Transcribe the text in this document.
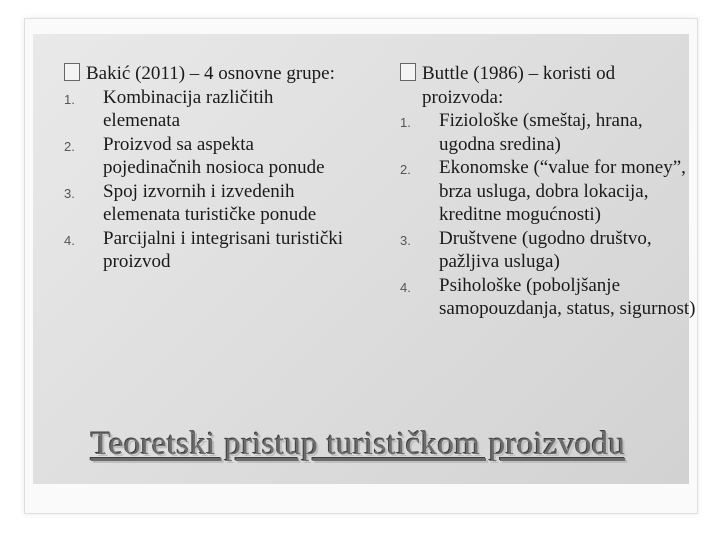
Bakić (2011) – 4 osnovne grupe:
1. Kombinacija različitih elemenata
2. Proizvod sa aspekta pojedinačnih nosioca ponude
3. Spoj izvornih i izvedenih elemenata turističke ponude
4. Parcijalni i integrisani turistički proizvod
Buttle (1986) – koristi od proizvoda:
1. Fiziološke (smeštaj, hrana, ugodna sredina)
2. Ekonomske (“value for money”, brza usluga, dobra lokacija, kreditne mogućnosti)
3. Društvene (ugodno društvo, pažljiva usluga)
4. Psihološke (poboljšanje samopouzdanja, status, sigurnost)
Teoretski pristup turističkom proizvodu
